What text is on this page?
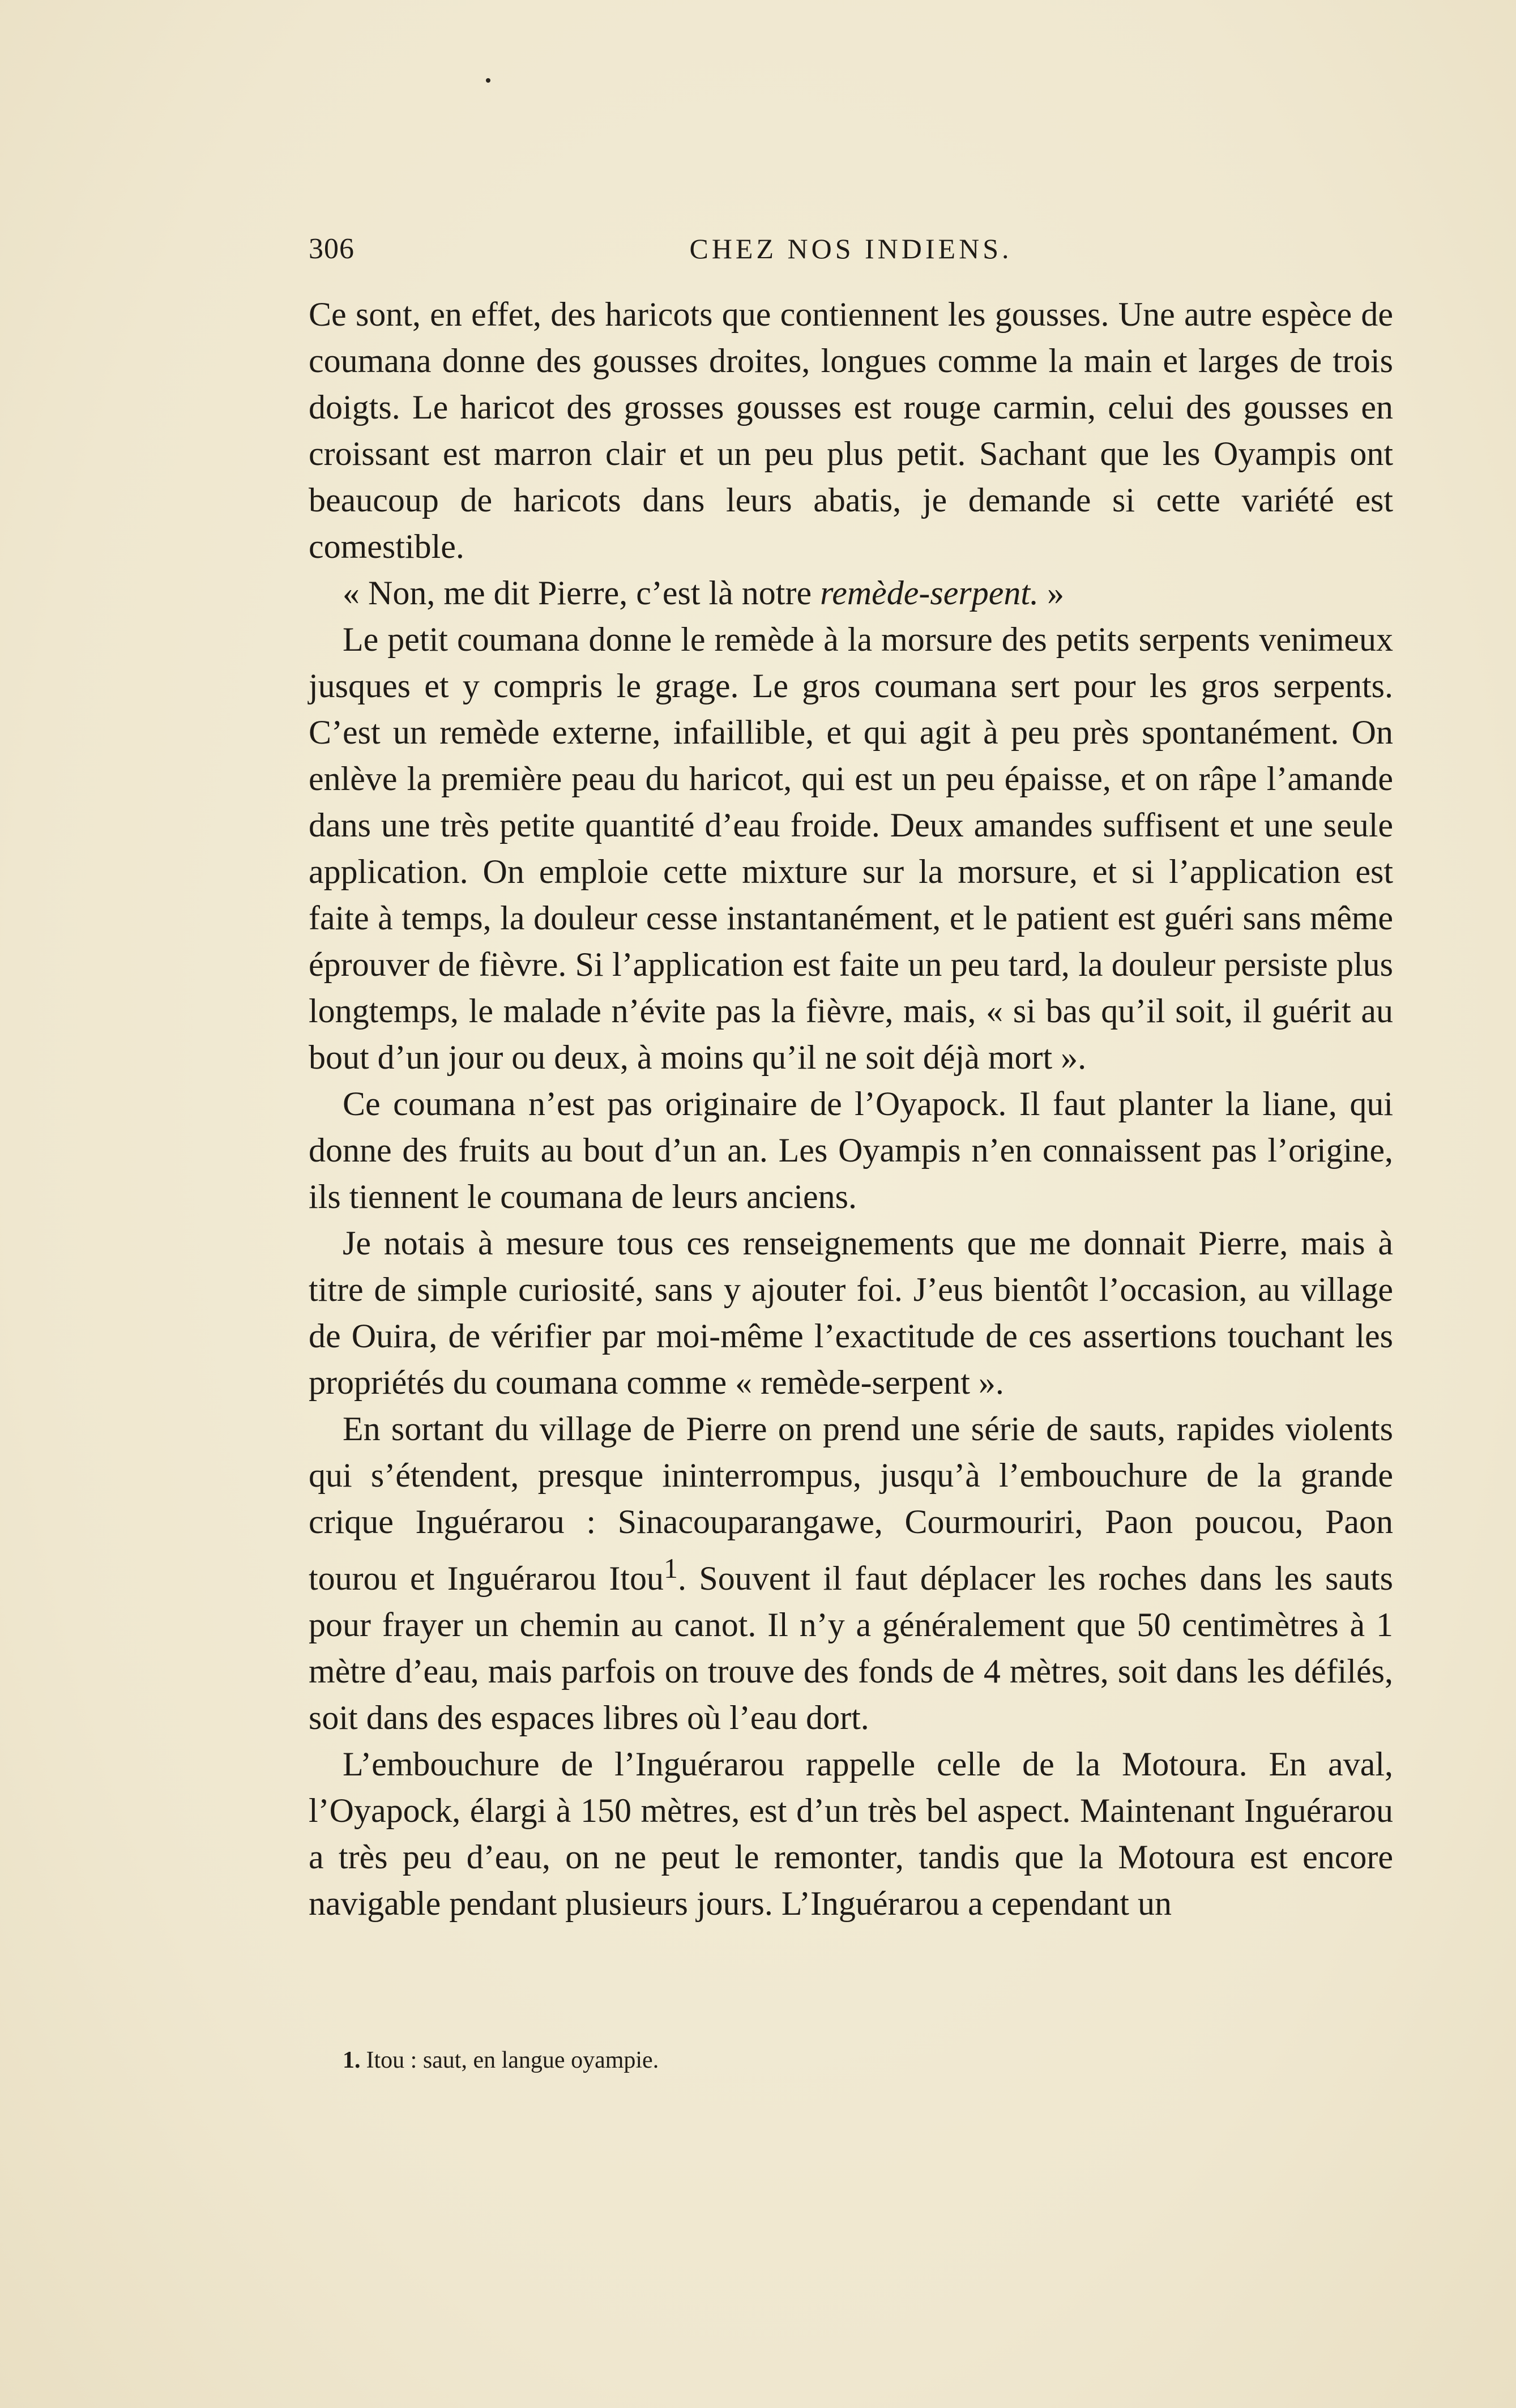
306	CHEZ NOS INDIENS.

Ce sont, en effet, des haricots que contiennent les gousses. Une autre espèce de coumana donne des gousses droites, longues comme la main et larges de trois doigts. Le haricot des grosses gousses est rouge carmin, celui des gousses en croissant est marron clair et un peu plus petit. Sachant que les Oyampis ont beaucoup de haricots dans leurs abatis, je demande si cette variété est comestible.

« Non, me dit Pierre, c’est là notre remède-serpent. »

Le petit coumana donne le remède à la morsure des petits serpents venimeux jusques et y compris le grage. Le gros coumana sert pour les gros serpents. C’est un remède externe, infaillible, et qui agit à peu près spontanément. On enlève la première peau du haricot, qui est un peu épaisse, et on râpe l’amande dans une très petite quantité d’eau froide. Deux amandes suffisent et une seule application. On emploie cette mixture sur la morsure, et si l’application est faite à temps, la douleur cesse instantanément, et le patient est guéri sans même éprouver de fièvre. Si l’application est faite un peu tard, la douleur persiste plus longtemps, le malade n’évite pas la fièvre, mais, « si bas qu’il soit, il guérit au bout d’un jour ou deux, à moins qu’il ne soit déjà mort ».

Ce coumana n’est pas originaire de l’Oyapock. Il faut planter la liane, qui donne des fruits au bout d’un an. Les Oyampis n’en connaissent pas l’origine, ils tiennent le coumana de leurs anciens.

Je notais à mesure tous ces renseignements que me donnait Pierre, mais à titre de simple curiosité, sans y ajouter foi. J’eus bientôt l’occasion, au village de Ouira, de vérifier par moi-même l’exactitude de ces assertions touchant les propriétés du coumana comme « remède-serpent ».

En sortant du village de Pierre on prend une série de sauts, rapides violents qui s’étendent, presque ininterrompus, jusqu’à l’embouchure de la grande crique Inguérarou : Sinacouparangawe, Courmouriri, Paon poucou, Paon tourou et Inguérarou Itou$^1$. Souvent il faut déplacer les roches dans les sauts pour frayer un chemin au canot. Il n’y a généralement que 50 centimètres à 1 mètre d’eau, mais parfois on trouve des fonds de 4 mètres, soit dans les défilés, soit dans des espaces libres où l’eau dort.

L’embouchure de l’Inguérarou rappelle celle de la Motoura. En aval, l’Oyapock, élargi à 150 mètres, est d’un très bel aspect. Maintenant Inguérarou a très peu d’eau, on ne peut le remonter, tandis que la Motoura est encore navigable pendant plusieurs jours. L’Inguérarou a cependant un

1. Itou : saut, en langue oyampie.
